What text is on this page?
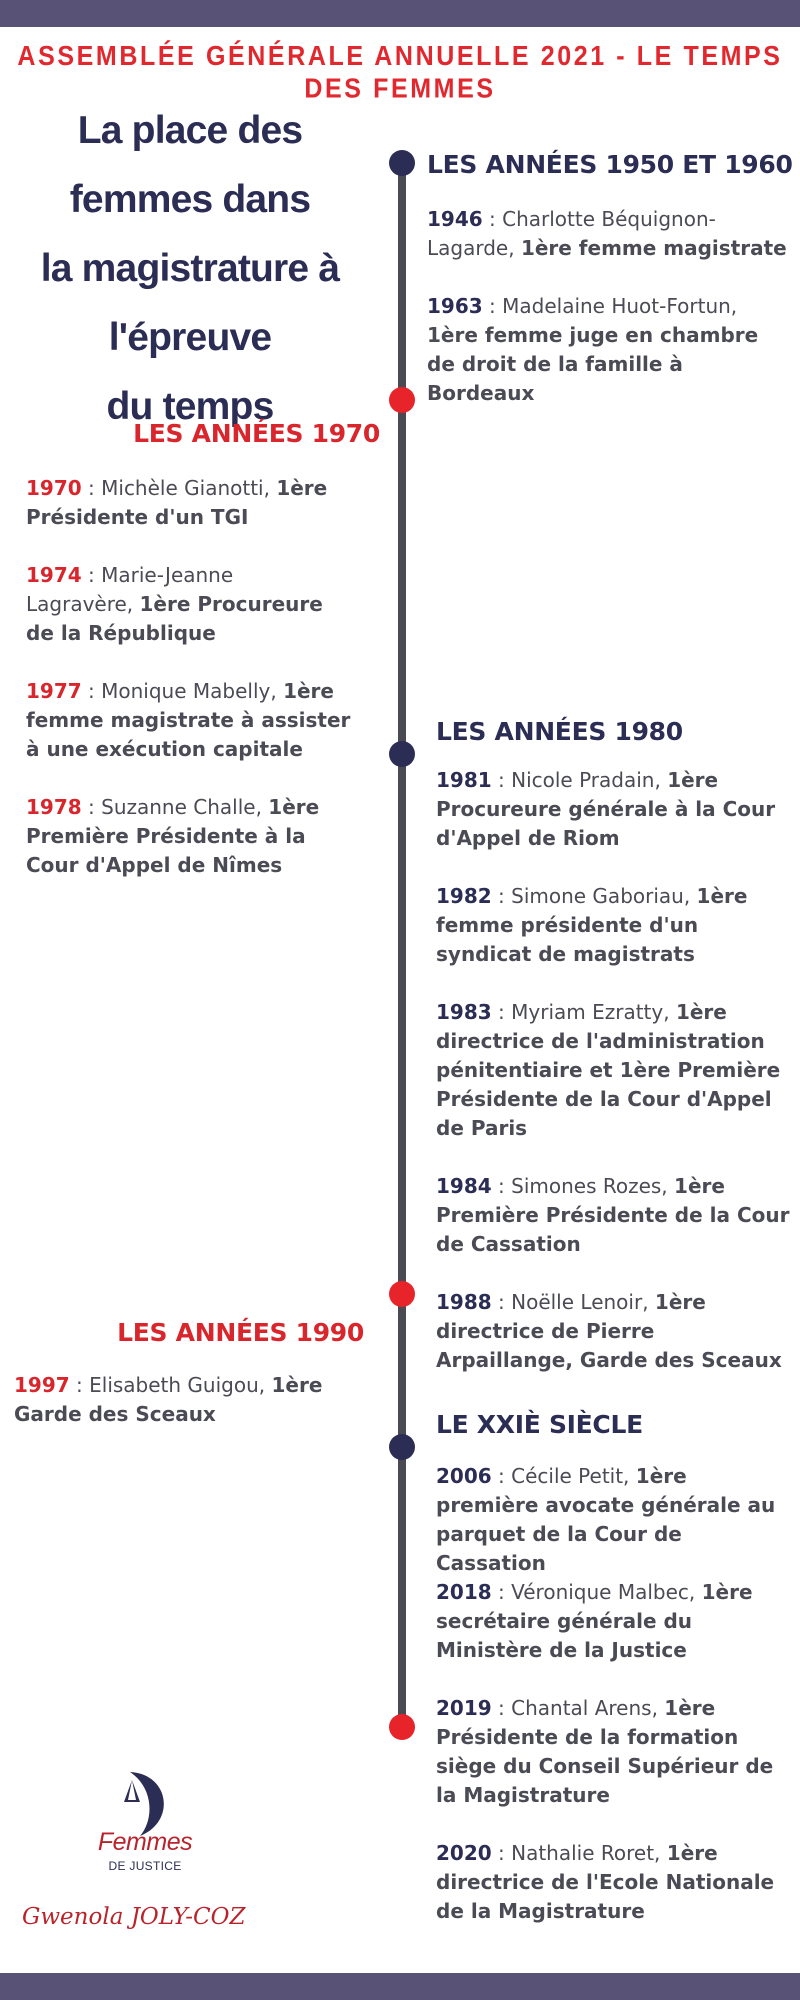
ASSEMBLÉE GÉNÉRALE ANNUELLE 2021 - LE TEMPS DES FEMMES
La place des femmes dans
la magistrature à l'épreuve
du temps
LES ANNÉES 1950 ET 1960
1946 : Charlotte Béquignon-Lagarde, 1ère femme magistrate
1963 : Madelaine Huot-Fortun, 1ère femme juge en chambre de droit de la famille à Bordeaux
LES ANNÉES 1970
1970 : Michèle Gianotti, 1ère Présidente d'un TGI
1974 : Marie-Jeanne Lagravère, 1ère Procureure de la République
1977 : Monique Mabelly, 1ère femme magistrate à assister à une exécution capitale
1978 : Suzanne Challe, 1ère Première Présidente à la Cour d'Appel de Nîmes
LES ANNÉES 1980
1981 : Nicole Pradain, 1ère Procureure générale à la Cour d'Appel de Riom
1982 : Simone Gaboriau, 1ère femme présidente d'un syndicat de magistrats
1983 : Myriam Ezratty, 1ère directrice de l'administration pénitentiaire et 1ère Première Présidente de la Cour d'Appel de Paris
1984 : Simones Rozes, 1ère Première Présidente de la Cour de Cassation
1988 : Noëlle Lenoir, 1ère directrice de Pierre Arpaillange, Garde des Sceaux
LES ANNÉES 1990
1997 : Elisabeth Guigou, 1ère Garde des Sceaux	LE XXIÈ SIÈCLE
2006 : Cécile Petit, 1ère première avocate générale au parquet de la Cour de Cassation
2018 : Véronique Malbec, 1ère secrétaire générale du Ministère de la Justice
2019 : Chantal Arens, 1ère Présidente de la formation siège du Conseil Supérieur de la Magistrature
2020 : Nathalie Roret, 1ère directrice de l'Ecole Nationale de la Magistrature
Femmes
DE JUSTICE
Gwenola JOLY-COZ
